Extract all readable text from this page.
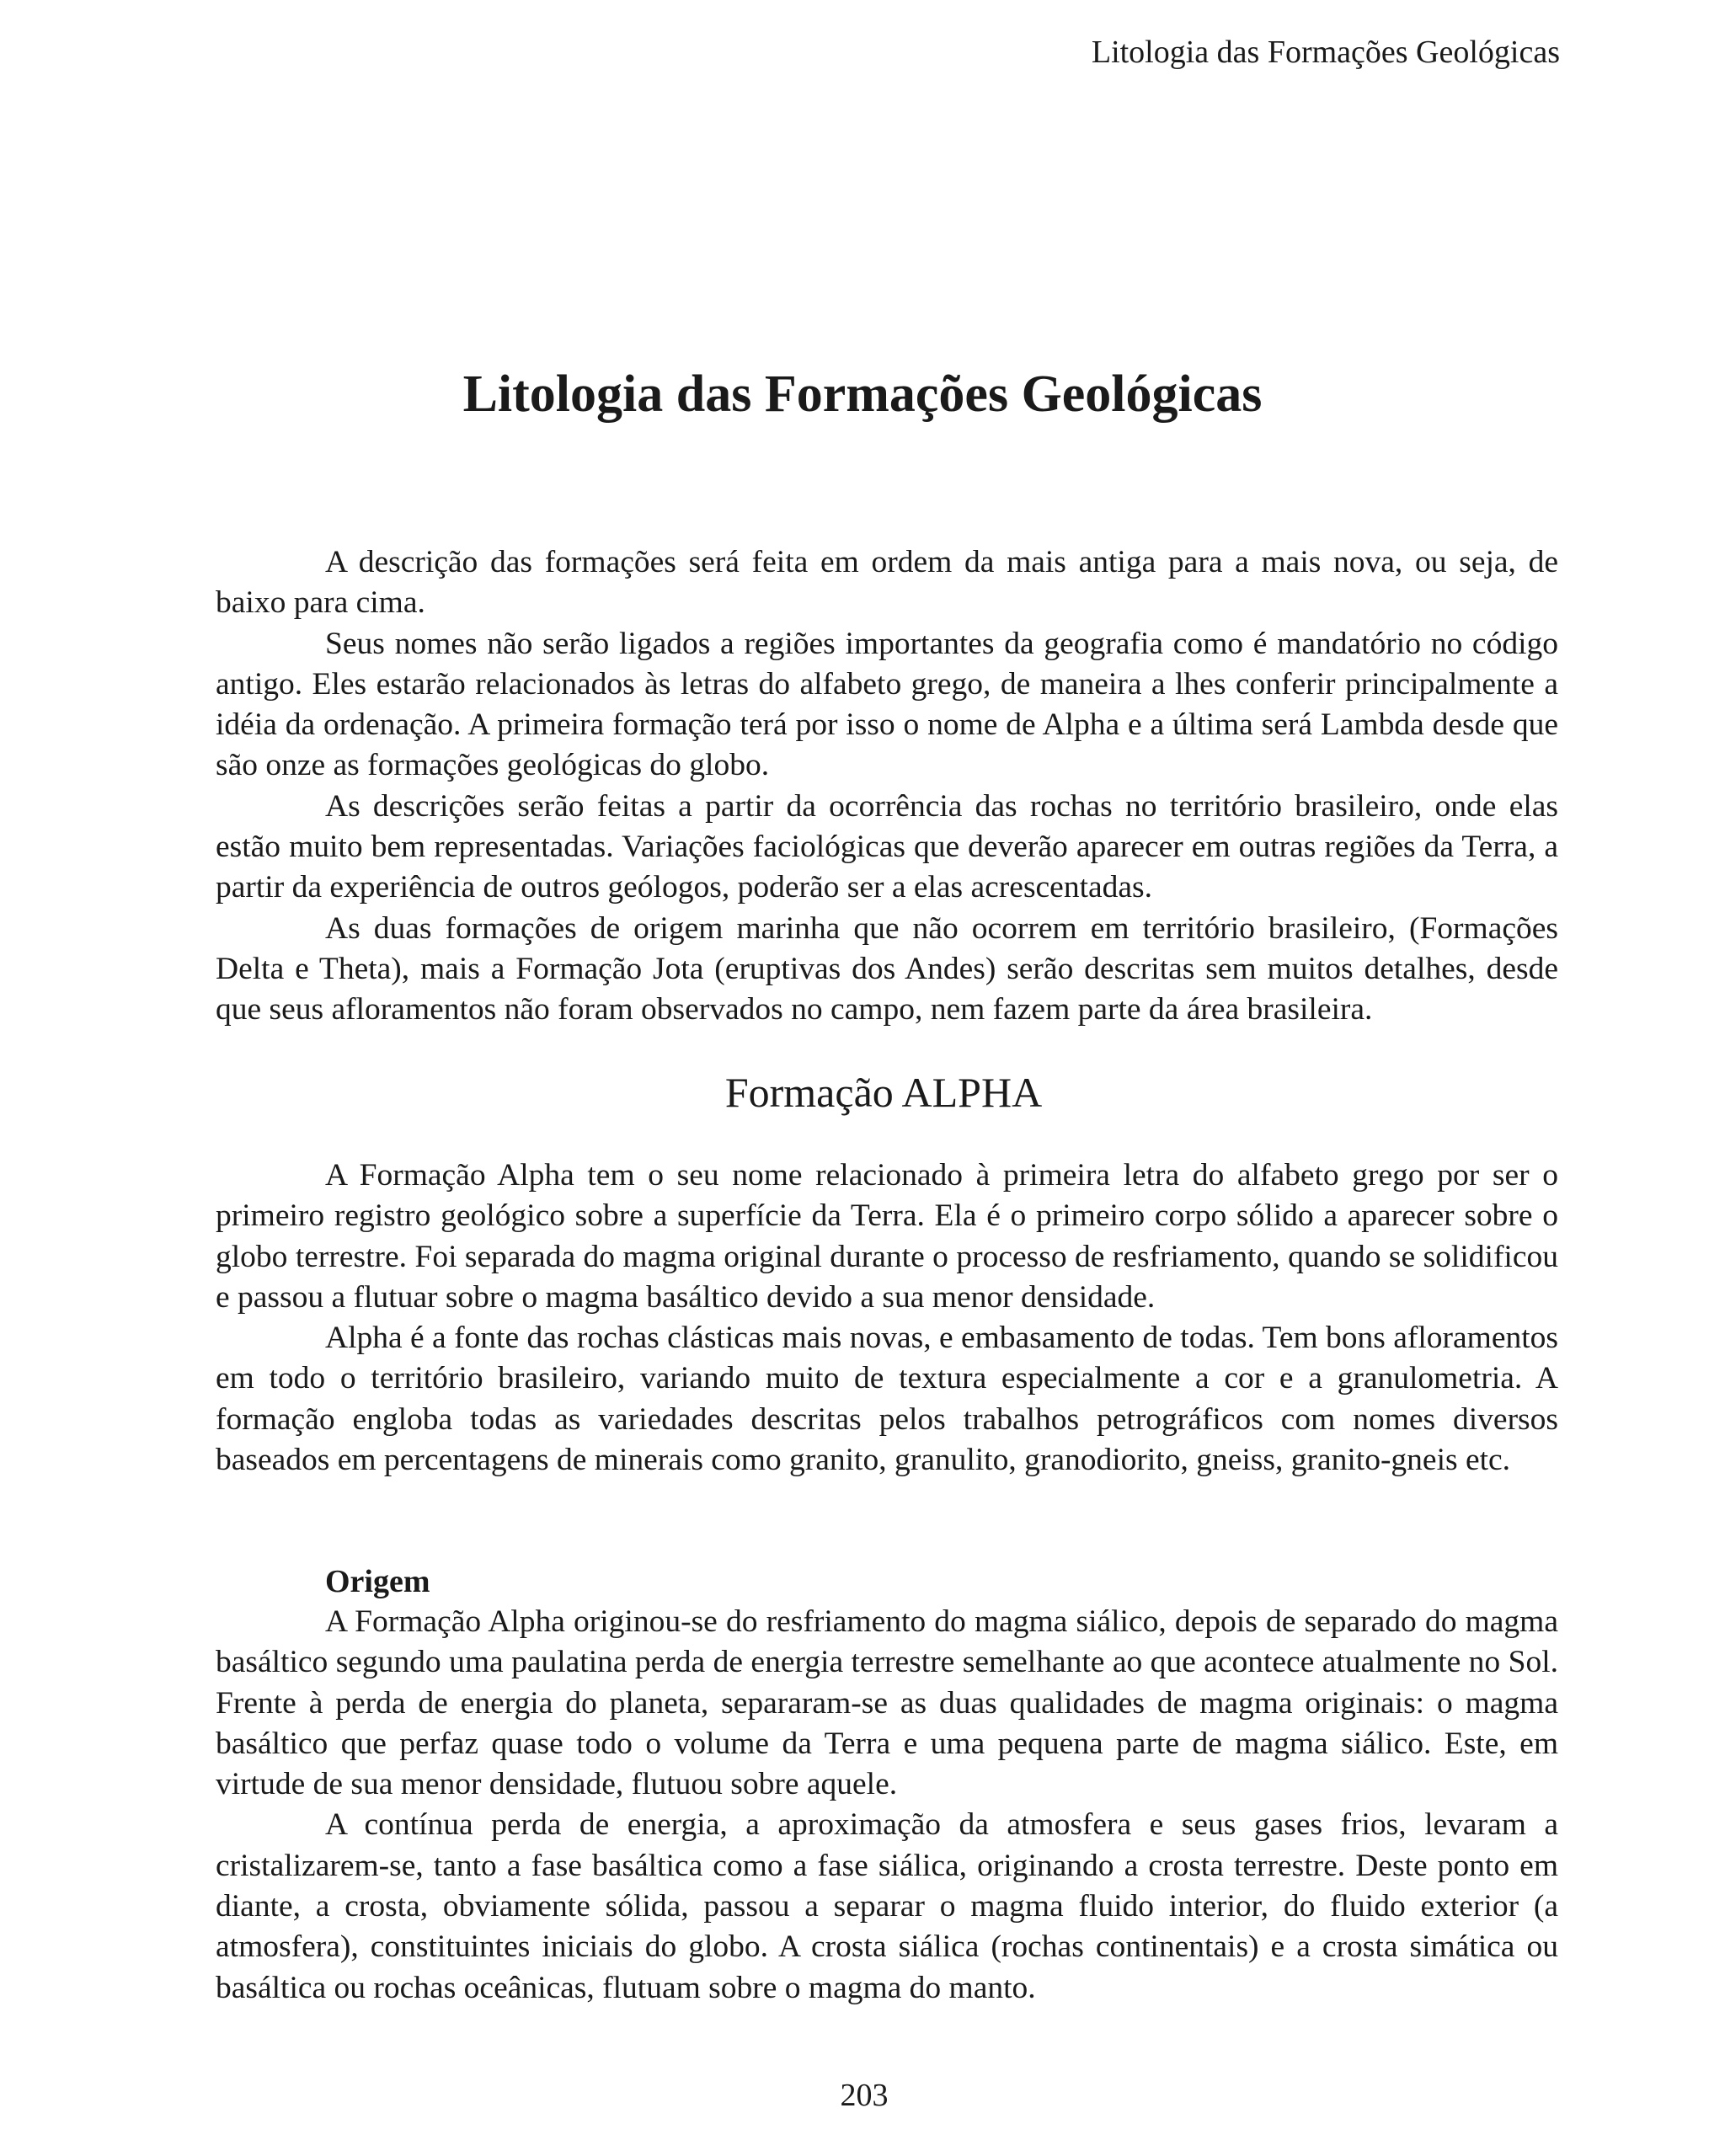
Litologia das Formações Geológicas
Litologia das Formações Geológicas

A descrição das formações será feita em ordem da mais antiga para a mais nova, ou seja, de baixo para cima.

Seus nomes não serão ligados a regiões importantes da geografia como é mandatório no código antigo. Eles estarão relacionados às letras do alfabeto grego, de maneira a lhes conferir principalmente a idéia da ordenação. A primeira formação terá por isso o nome de Alpha e a última será Lambda desde que são onze as formações geológicas do globo.

As descrições serão feitas a partir da ocorrência das rochas no território brasileiro, onde elas estão muito bem representadas. Variações faciológicas que deverão aparecer em outras regiões da Terra, a partir da experiência de outros geólogos, poderão ser a elas acrescentadas.

As duas formações de origem marinha que não ocorrem em território brasileiro, (Formações Delta e Theta), mais a Formação Jota (eruptivas dos Andes) serão descritas sem muitos detalhes, desde que seus afloramentos não foram observados no campo, nem fazem parte da área brasileira.

Formação ALPHA

A Formação Alpha tem o seu nome relacionado à primeira letra do alfabeto grego por ser o primeiro registro geológico sobre a superfície da Terra. Ela é o primeiro corpo sólido a aparecer sobre o globo terrestre. Foi separada do magma original durante o processo de resfriamento, quando se solidificou e passou a flutuar sobre o magma basáltico devido a sua menor densidade.

Alpha é a fonte das rochas clásticas mais novas, e embasamento de todas. Tem bons afloramentos em todo o território brasileiro, variando muito de textura especialmente a cor e a granulometria. A formação engloba todas as variedades descritas pelos trabalhos petrográficos com nomes diversos baseados em percentagens de minerais como granito, granulito, granodiorito, gneiss, granito-gneis etc.

Origem

A Formação Alpha originou-se do resfriamento do magma siálico, depois de separado do magma basáltico segundo uma paulatina perda de energia terrestre semelhante ao que acontece atualmente no Sol. Frente à perda de energia do planeta, separaram-se as duas qualidades de magma originais: o magma basáltico que perfaz quase todo o volume da Terra e uma pequena parte de magma siálico. Este, em virtude de sua menor densidade, flutuou sobre aquele.

A contínua perda de energia, a aproximação da atmosfera e seus gases frios, levaram a cristalizarem-se, tanto a fase basáltica como a fase siálica, originando a crosta terrestre. Deste ponto em diante, a crosta, obviamente sólida, passou a separar o magma fluido interior, do fluido exterior (a atmosfera), constituintes iniciais do globo. A crosta siálica (rochas continentais) e a crosta simática ou basáltica ou rochas oceânicas, flutuam sobre o magma do manto.

203
